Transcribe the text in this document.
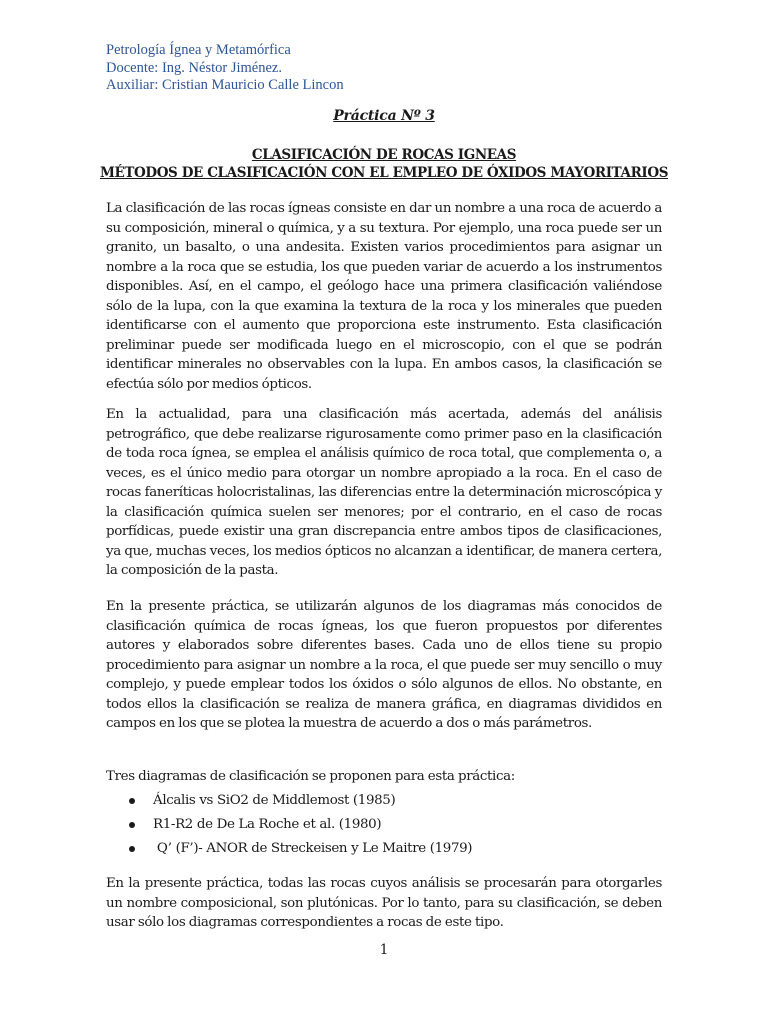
Petrología Ígnea y Metamórfica
Docente: Ing. Néstor Jiménez.
Auxiliar: Cristian Mauricio Calle Lincon
Práctica Nº 3
CLASIFICACIÓN DE ROCAS IGNEAS
MÉTODOS DE CLASIFICACIÓN CON EL EMPLEO DE ÓXIDOS MAYORITARIOS

La clasificación de las rocas ígneas consiste en dar un nombre a una roca de acuerdo a su composición, mineral o química, y a su textura. Por ejemplo, una roca puede ser un granito, un basalto, o una andesita. Existen varios procedimientos para asignar un nombre a la roca que se estudia, los que pueden variar de acuerdo a los instrumentos disponibles. Así, en el campo, el geólogo hace una primera clasificación valiéndose sólo de la lupa, con la que examina la textura de la roca y los minerales que pueden identificarse con el aumento que proporciona este instrumento. Esta clasificación preliminar puede ser modificada luego en el microscopio, con el que se podrán identificar minerales no observables con la lupa. En ambos casos, la clasificación se efectúa sólo por medios ópticos.

En la actualidad, para una clasificación más acertada, además del análisis petrográfico, que debe realizarse rigurosamente como primer paso en la clasificación de toda roca ígnea, se emplea el análisis químico de roca total, que complementa o, a veces, es el único medio para otorgar un nombre apropiado a la roca. En el caso de rocas faneríticas holocristalinas, las diferencias entre la determinación microscópica y la clasificación química suelen ser menores; por el contrario, en el caso de rocas porfídicas, puede existir una gran discrepancia entre ambos tipos de clasificaciones, ya que, muchas veces, los medios ópticos no alcanzan a identificar, de manera certera, la composición de la pasta.

En la presente práctica, se utilizarán algunos de los diagramas más conocidos de clasificación química de rocas ígneas, los que fueron propuestos por diferentes autores y elaborados sobre diferentes bases. Cada uno de ellos tiene su propio procedimiento para asignar un nombre a la roca, el que puede ser muy sencillo o muy complejo, y puede emplear todos los óxidos o sólo algunos de ellos. No obstante, en todos ellos la clasificación se realiza de manera gráfica, en diagramas divididos en campos en los que se plotea la muestra de acuerdo a dos o más parámetros.

Tres diagramas de clasificación se proponen para esta práctica:

Álcalis vs SiO2 de Middlemost (1985)
R1-R2 de De La Roche et al. (1980)
Q’ (F’)- ANOR de Streckeisen y Le Maitre (1979)

En la presente práctica, todas las rocas cuyos análisis se procesarán para otorgarles un nombre composicional, son plutónicas. Por lo tanto, para su clasificación, se deben usar sólo los diagramas correspondientes a rocas de este tipo.

1
